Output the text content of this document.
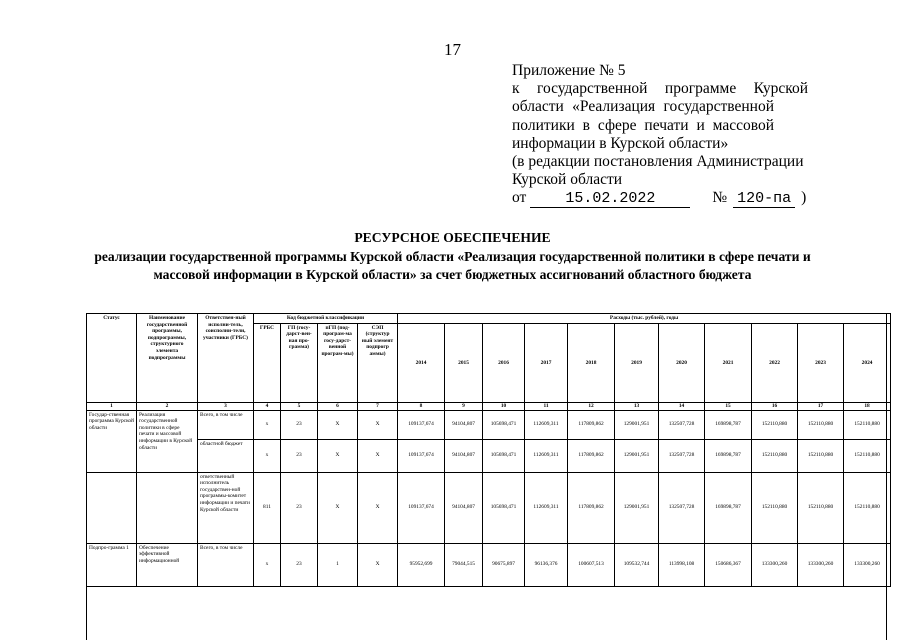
17
Приложение № 5
к государственной программе Курской
области «Реализация государственной
политики в сфере печати и массовой
информации в Курской области»
(в редакции постановления Администрации
Курской области
от	15.02.2022	№ 120-па )
РЕСУРСНОЕ ОБЕСПЕЧЕНИЕ
реализации государственной программы Курской области «Реализация государственной политики в сфере печати и
массовой информации в Курской области» за счет бюджетных ассигнований областного бюджета
Статус	Наименование государственной программы, подпрограммы, структурного элемента подпрограммы	Ответствен-ный исполни-тель, соисполни-тели, участники (ГРБС)	Код бюджетной классификации				Расходы (тыс. рублей), годы										
			ГРБС	ГП (госу-дарст-вен-ная про-грамма)	пГП (под-програм-ма госу-дарст-венной програм-мы)	СЭП (структур ный элемент подпрогр аммы)	2014	2015	2016	2017	2018	2019	2020	2021	2022	2023	2024
1	2	3	4	5	6	7	8	9	10	11	12	13	14	15	16	17	18
Государ-ственная программа Курской области	Реализация государственной политики в сфере печати и массовой информации в Курской области	Всего, в том числе	х	23	Х	Х	109137,674	94104,807	105698,471	112609,311	117809,862	129001,951	132507,728	169898,787	152110,880	152110,880	152110,880
		областной бюджет	х	23	Х	Х	109137,674	94104,807	105698,471	112609,311	117809,862	129001,951	132507,728	169898,787	152110,880	152110,880	152110,880
		ответственный исполнитель государствен-ной программы-комитет информации и печати Курской области	811	23	Х	Х	109137,674	94104,807	105698,471	112609,311	117809,862	129001,951	132507,728	169898,787	152110,880	152110,880	152110,880
Подпро-грамма 1	Обеспечение эффективной информационной	Всего, в том числе	х	23	1	Х	95952,699	79044,515	90675,897	96136,376	100607,513	109532,744	113998,108	150686,367	133300,260	133300,260	133300,260
